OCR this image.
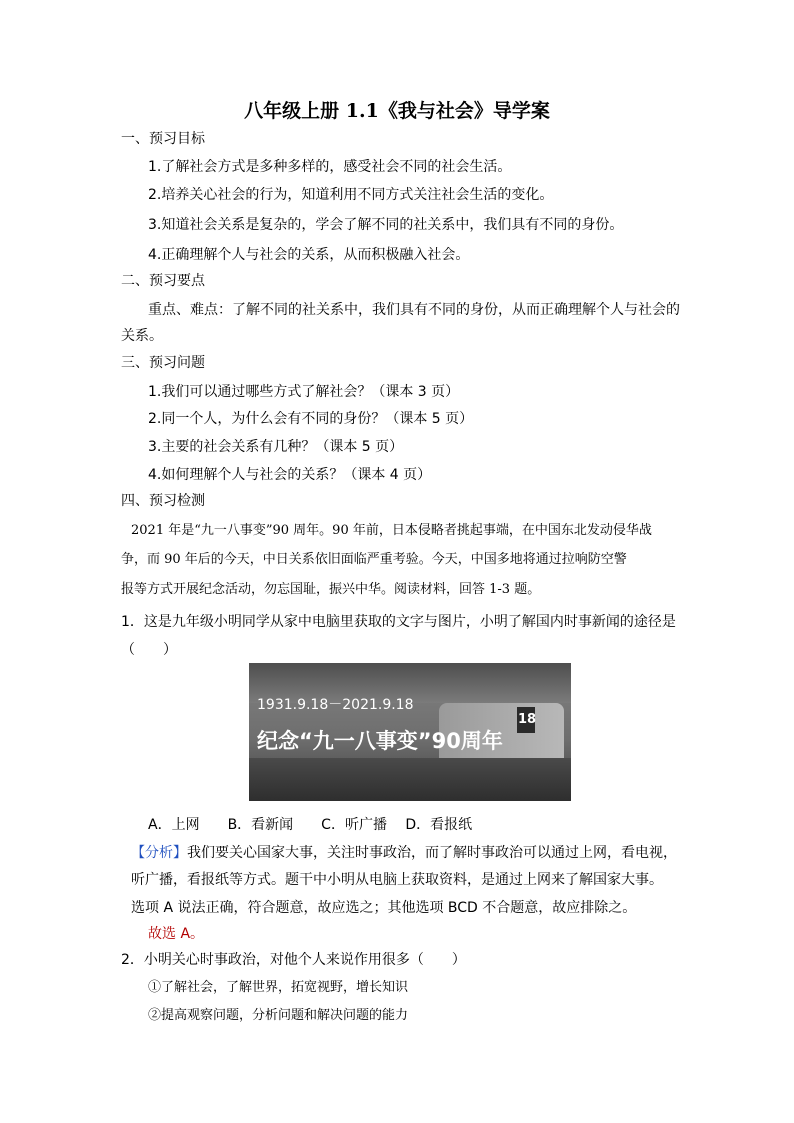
八年级上册 1.1《我与社会》导学案
一、预习目标
1.了解社会方式是多种多样的，感受社会不同的社会生活。
2.培养关心社会的行为，知道利用不同方式关注社会生活的变化。
3.知道社会关系是复杂的，学会了解不同的社关系中，我们具有不同的身份。
4.正确理解个人与社会的关系，从而积极融入社会。
二、预习要点
重点、难点：了解不同的社关系中，我们具有不同的身份，从而正确理解个人与社会的
关系。
三、预习问题
1.我们可以通过哪些方式了解社会？（课本 3 页）
2.同一个人，为什么会有不同的身份？（课本 5 页）
3.主要的社会关系有几种？（课本 5 页）
4.如何理解个人与社会的关系？（课本 4 页）
四、预习检测
2021 年是“九一八事变”90 周年。90 年前，日本侵略者挑起事端，在中国东北发动侵华战
争，而 90 年后的今天，中日关系依旧面临严重考验。今天，中国多地将通过拉响防空警
报等方式开展纪念活动，勿忘国耻，振兴中华。阅读材料，回答 1-3 题。
1．这是九年级小明同学从家中电脑里获取的文字与图片，小明了解国内时事新闻的途径是
（　　）
18
1931.9.18－2021.9.18
纪念“九一八事变”90周年
A．上网　　B．看新闻　　C．听广播　 D．看报纸
【分析】我们要关心国家大事，关注时事政治，而了解时事政治可以通过上网，看电视，
听广播，看报纸等方式。题干中小明从电脑上获取资料，是通过上网来了解国家大事。
选项 A 说法正确，符合题意，故应选之；其他选项 BCD 不合题意，故应排除之。
故选 A。
2．小明关心时事政治，对他个人来说作用很多（　　）
①了解社会，了解世界，拓宽视野，增长知识
②提高观察问题，分析问题和解决问题的能力
